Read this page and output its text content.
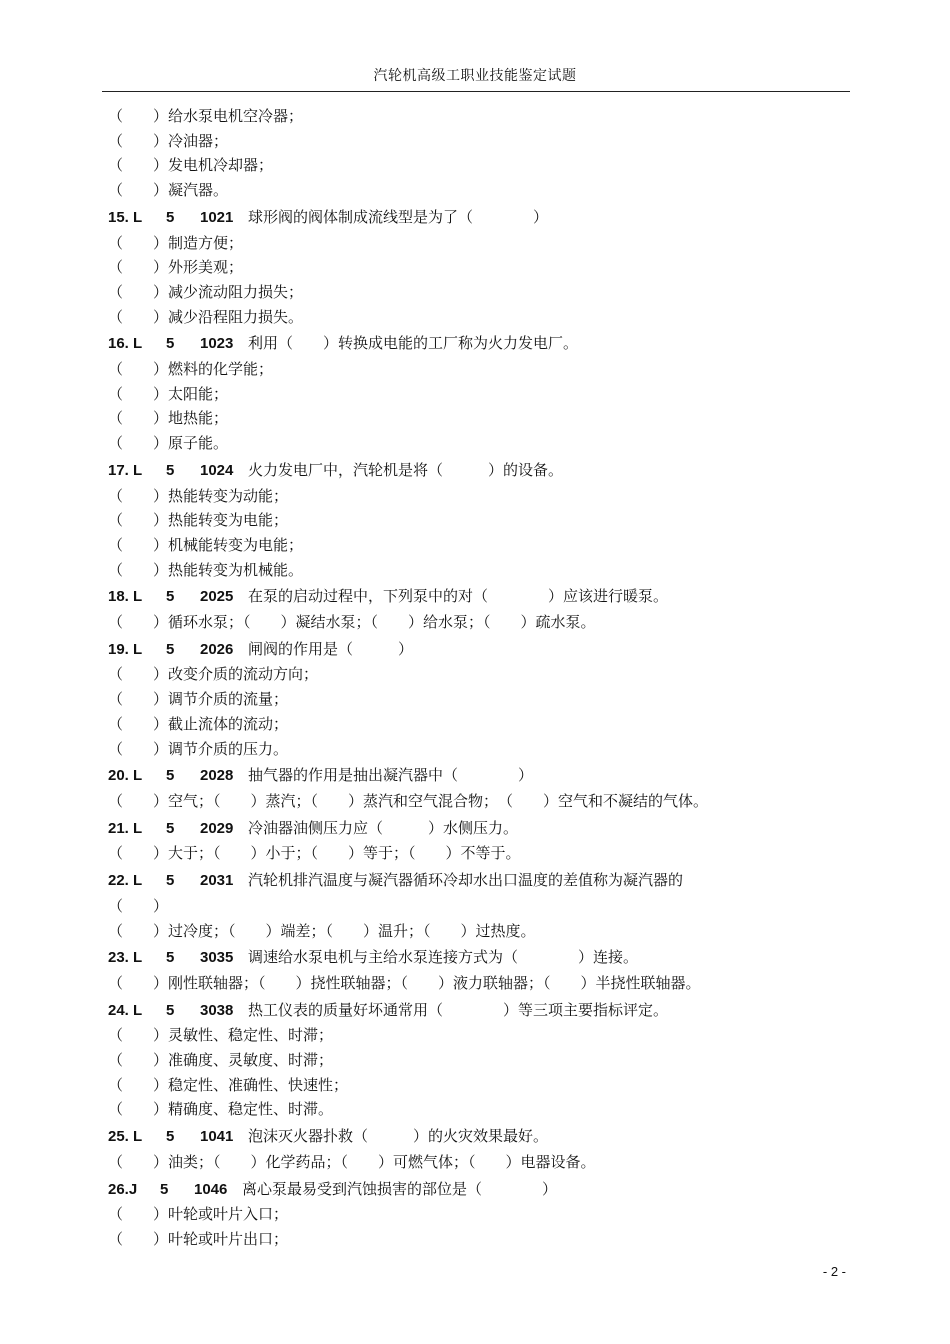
汽轮机高级工职业技能鉴定试题
（　　）给水泵电机空冷器；
（　　）冷油器；
（　　）发电机冷却器；
（　　）凝汽器。
15. L 5 1021 球形阀的阀体制成流线型是为了（　　　　）
（　　）制造方便；
（　　）外形美观；
（　　）减少流动阻力损失；
（　　）减少沿程阻力损失。
16. L 5 1023 利用（　　）转换成电能的工厂称为火力发电厂。
（　　）燃料的化学能；
（　　）太阳能；
（　　）地热能；
（　　）原子能。
17. L 5 1024 火力发电厂中，汽轮机是将（　　　）的设备。
（　　）热能转变为动能；
（　　）热能转变为电能；
（　　）机械能转变为电能；
（　　）热能转变为机械能。
18. L 5 2025 在泵的启动过程中，下列泵中的对（　　　　）应该进行暖泵。
（　　）循环水泵；（　　）凝结水泵；（　　）给水泵；（　　）疏水泵。
19. L 5 2026 闸阀的作用是（　　　）
（　　）改变介质的流动方向；
（　　）调节介质的流量；
（　　）截止流体的流动；
（　　）调节介质的压力。
20. L 5 2028 抽气器的作用是抽出凝汽器中（　　　　）
（　　）空气；（　　）蒸汽；（　　）蒸汽和空气混合物；　（　　）空气和不凝结的气体。
21. L 5 2029 冷油器油侧压力应（　　　）水侧压力。
（　　）大于；（　　）小于；（　　）等于；（　　）不等于。
22. L 5 2031 汽轮机排汽温度与凝汽器循环冷却水出口温度的差值称为凝汽器的
（　　）
（　　）过冷度；（　　）端差；（　　）温升；（　　）过热度。
23. L 5 3035 调速给水泵电机与主给水泵连接方式为（　　　　）连接。
（　　）刚性联轴器；（　　）挠性联轴器；（　　）液力联轴器；（　　）半挠性联轴器。
24. L 5 3038 热工仪表的质量好坏通常用（　　　　）等三项主要指标评定。
（　　）灵敏性、稳定性、时滞；
（　　）准确度、灵敏度、时滞；
（　　）稳定性、准确性、快速性；
（　　）精确度、稳定性、时滞。
25. L 5 1041 泡沫灭火器扑救（　　　）的火灾效果最好。
（　　）油类；（　　）化学药品；（　　）可燃气体；（　　）电器设备。
26.J 5 1046 离心泵最易受到汽蚀损害的部位是（　　　　）
（　　）叶轮或叶片入口；
（　　）叶轮或叶片出口；
- 2 -
